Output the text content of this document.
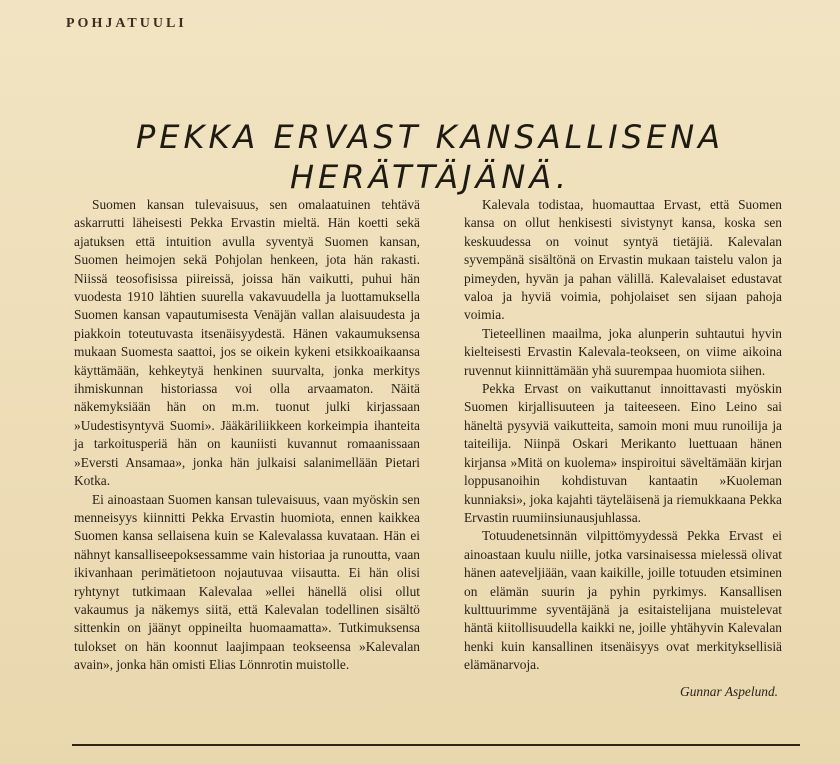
POHJATUULI
PEKKA ERVAST KANSALLISENA HERÄTTÄJÄNÄ.

Suomen kansan tulevaisuus, sen omalaatuinen tehtävä askarrutti läheisesti Pekka Ervastin mieltä. Hän koetti sekä ajatuksen että intuition avulla syventyä Suomen kansan, Suomen heimojen sekä Pohjolan henkeen, jota hän rakasti. Niissä teosofisissa piireissä, joissa hän vaikutti, puhui hän vuodesta 1910 lähtien suurella vakavuudella ja luottamuksella Suomen kansan vapautumisesta Venäjän vallan alaisuudesta ja piakkoin toteutuvasta itsenäisyydestä. Hänen vakaumuksensa mukaan Suomesta saattoi, jos se oikein kykeni etsikkoaikaansa käyttämään, kehkeytyä henkinen suurvalta, jonka merkitys ihmiskunnan historiassa voi olla arvaamaton. Näitä näkemyksiään hän on m.m. tuonut julki kirjassaan »Uudestisyntyvä Suomi». Jääkäriliikkeen korkeimpia ihanteita ja tarkoitusperiä hän on kauniisti kuvannut romaanissaan »Eversti Ansamaa», jonka hän julkaisi salanimellään Pietari Kotka.

Ei ainoastaan Suomen kansan tulevaisuus, vaan myöskin sen menneisyys kiinnitti Pekka Ervastin huomiota, ennen kaikkea Suomen kansa sellaisena kuin se Kalevalassa kuvataan. Hän ei nähnyt kansalliseepoksessamme vain historiaa ja runoutta, vaan ikivanhaan perimätietoon nojautuvaa viisautta. Ei hän olisi ryhtynyt tutkimaan Kalevalaa »ellei hänellä olisi ollut vakaumus ja näkemys siitä, että Kalevalan todellinen sisältö sittenkin on jäänyt oppineilta huomaamatta». Tutkimuksensa tulokset on hän koonnut laajimpaan teokseensa »Kalevalan avain», jonka hän omisti Elias Lönnrotin muistolle.

Kalevala todistaa, huomauttaa Ervast, että Suomen kansa on ollut henkisesti sivistynyt kansa, koska sen keskuudessa on voinut syntyä tietäjiä. Kalevalan syvempänä sisältönä on Ervastin mukaan taistelu valon ja pimeyden, hyvän ja pahan välillä. Kalevalaiset edustavat valoa ja hyviä voimia, pohjolaiset sen sijaan pahoja voimia.

Tieteellinen maailma, joka alunperin suhtautui hyvin kielteisesti Ervastin Kalevala-teokseen, on viime aikoina ruvennut kiinnittämään yhä suurempaa huomiota siihen.

Pekka Ervast on vaikuttanut innoittavasti myöskin Suomen kirjallisuuteen ja taiteeseen. Eino Leino sai häneltä pysyviä vaikutteita, samoin moni muu runoilija ja taiteilija. Niinpä Oskari Merikanto luettuaan hänen kirjansa »Mitä on kuolema» inspiroitui säveltämään kirjan loppusanoihin kohdistuvan kantaatin »Kuoleman kunniaksi», joka kajahti täyteläisenä ja riemukkaana Pekka Ervastin ruumiinsiunausjuhlassa.

Totuudenetsinnän vilpittömyydessä Pekka Ervast ei ainoastaan kuulu niille, jotka varsinaisessa mielessä olivat hänen aateveljiään, vaan kaikille, joille totuuden etsiminen on elämän suurin ja pyhin pyrkimys. Kansallisen kulttuurimme syventäjänä ja esitaistelijana muistelevat häntä kiitollisuudella kaikki ne, joille yhtähyvin Kalevalan henki kuin kansallinen itsenäisyys ovat merkityksellisiä elämänarvoja.

Gunnar Aspelund.
